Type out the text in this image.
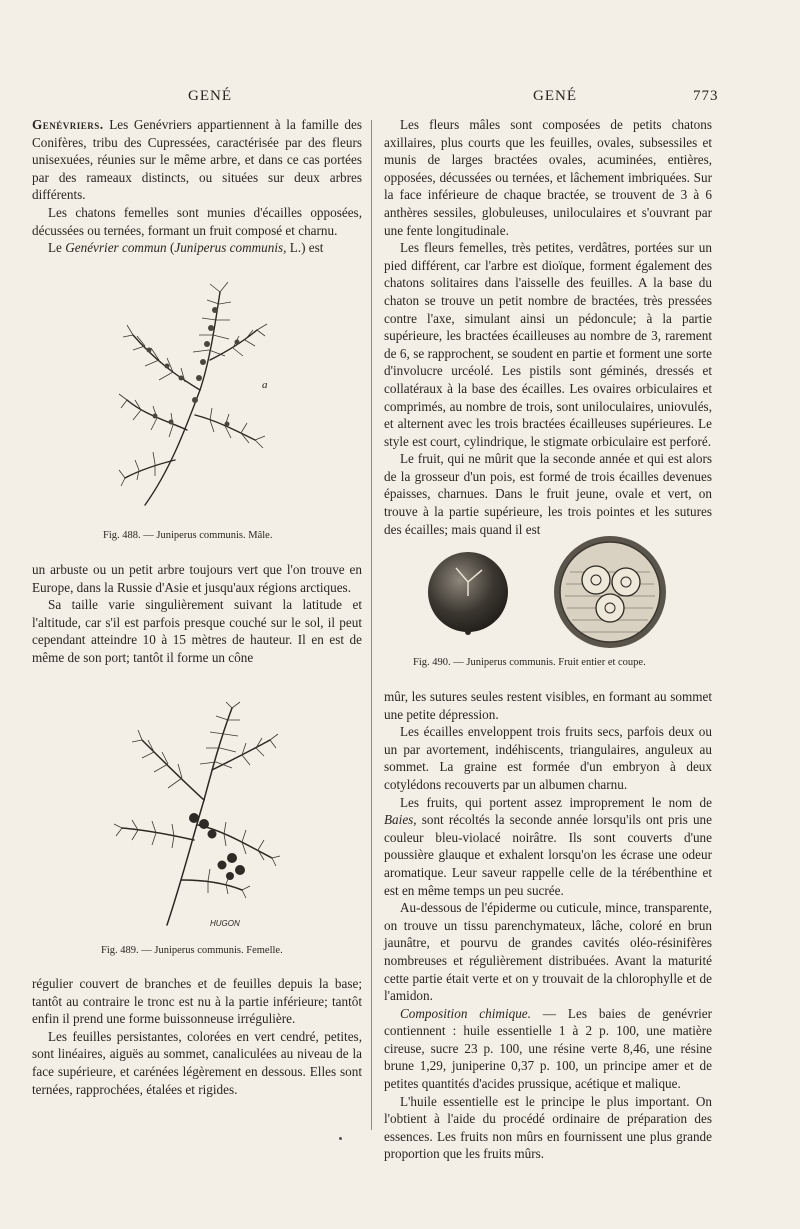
GENÉ	GENÉ	773

Genévriers. Les Genévriers appartiennent à la famille des Conifères, tribu des Cupressées, caractérisée par des fleurs unisexuées, réunies sur le même arbre, et dans ce cas portées par des rameaux distincts, ou situées sur deux arbres différents.

Les chatons femelles sont munies d'écailles opposées, décussées ou ternées, formant un fruit composé et charnu.

Le Genévrier commun (Juniperus communis, L.) est

a
Fig. 488. — Juniperus communis. Mâle.

un arbuste ou un petit arbre toujours vert que l'on trouve en Europe, dans la Russie d'Asie et jusqu'aux régions arctiques.

Sa taille varie singulièrement suivant la latitude et l'altitude, car s'il est parfois presque couché sur le sol, il peut cependant atteindre 10 à 15 mètres de hauteur. Il en est de même de son port; tantôt il forme un cône

HUGON
Fig. 489. — Juniperus communis. Femelle.

régulier couvert de branches et de feuilles depuis la base; tantôt au contraire le tronc est nu à la partie inférieure; tantôt enfin il prend une forme buissonneuse irrégulière.

Les feuilles persistantes, colorées en vert cendré, petites, sont linéaires, aiguës au sommet, canaliculées au niveau de la face supérieure, et carénées légèrement en dessous. Elles sont ternées, rapprochées, étalées et rigides.

Les fleurs mâles sont composées de petits chatons axillaires, plus courts que les feuilles, ovales, subsessiles et munis de larges bractées ovales, acuminées, entières, opposées, décussées ou ternées, et lâchement imbriquées. Sur la face inférieure de chaque bractée, se trouvent de 3 à 6 anthères sessiles, globuleuses, uniloculaires et s'ouvrant par une fente longitudinale.

Les fleurs femelles, très petites, verdâtres, portées sur un pied différent, car l'arbre est dioïque, forment également des chatons solitaires dans l'aisselle des feuilles. A la base du chaton se trouve un petit nombre de bractées, très pressées contre l'axe, simulant ainsi un pédoncule; à la partie supérieure, les bractées écailleuses au nombre de 3, rarement de 6, se rapprochent, se soudent en partie et forment une sorte d'involucre urcéolé. Les pistils sont géminés, dressés et collatéraux à la base des écailles. Les ovaires orbiculaires et comprimés, au nombre de trois, sont uniloculaires, uniovulés, et alternent avec les trois bractées écailleuses supérieures. Le style est court, cylindrique, le stigmate orbiculaire est perforé.

Le fruit, qui ne mûrit que la seconde année et qui est alors de la grosseur d'un pois, est formé de trois écailles devenues épaisses, charnues. Dans le fruit jeune, ovale et vert, on trouve à la partie supérieure, les trois pointes et les sutures des écailles; mais quand il est

Fig. 490. — Juniperus communis. Fruit entier et coupe.

mûr, les sutures seules restent visibles, en formant au sommet une petite dépression.

Les écailles enveloppent trois fruits secs, parfois deux ou un par avortement, indéhiscents, triangulaires, anguleux au sommet. La graine est formée d'un embryon à deux cotylédons recouverts par un albumen charnu.

Les fruits, qui portent assez improprement le nom de Baies, sont récoltés la seconde année lorsqu'ils ont pris une couleur bleu-violacé noirâtre. Ils sont couverts d'une poussière glauque et exhalent lorsqu'on les écrase une odeur aromatique. Leur saveur rappelle celle de la térébenthine et est en même temps un peu sucrée.

Au-dessous de l'épiderme ou cuticule, mince, transparente, on trouve un tissu parenchymateux, lâche, coloré en brun jaunâtre, et pourvu de grandes cavités oléo-résinifères nombreuses et régulièrement distribuées. Avant la maturité cette partie était verte et on y trouvait de la chlorophylle et de l'amidon.

Composition chimique. — Les baies de genévrier contiennent : huile essentielle 1 à 2 p. 100, une matière cireuse, sucre 23 p. 100, une résine verte 8,46, une résine brune 1,29, juniperine 0,37 p. 100, un principe amer et de petites quantités d'acides prussique, acétique et malique.

L'huile essentielle est le principe le plus important. On l'obtient à l'aide du procédé ordinaire de préparation des essences. Les fruits non mûrs en fournissent une plus grande proportion que les fruits mûrs.
